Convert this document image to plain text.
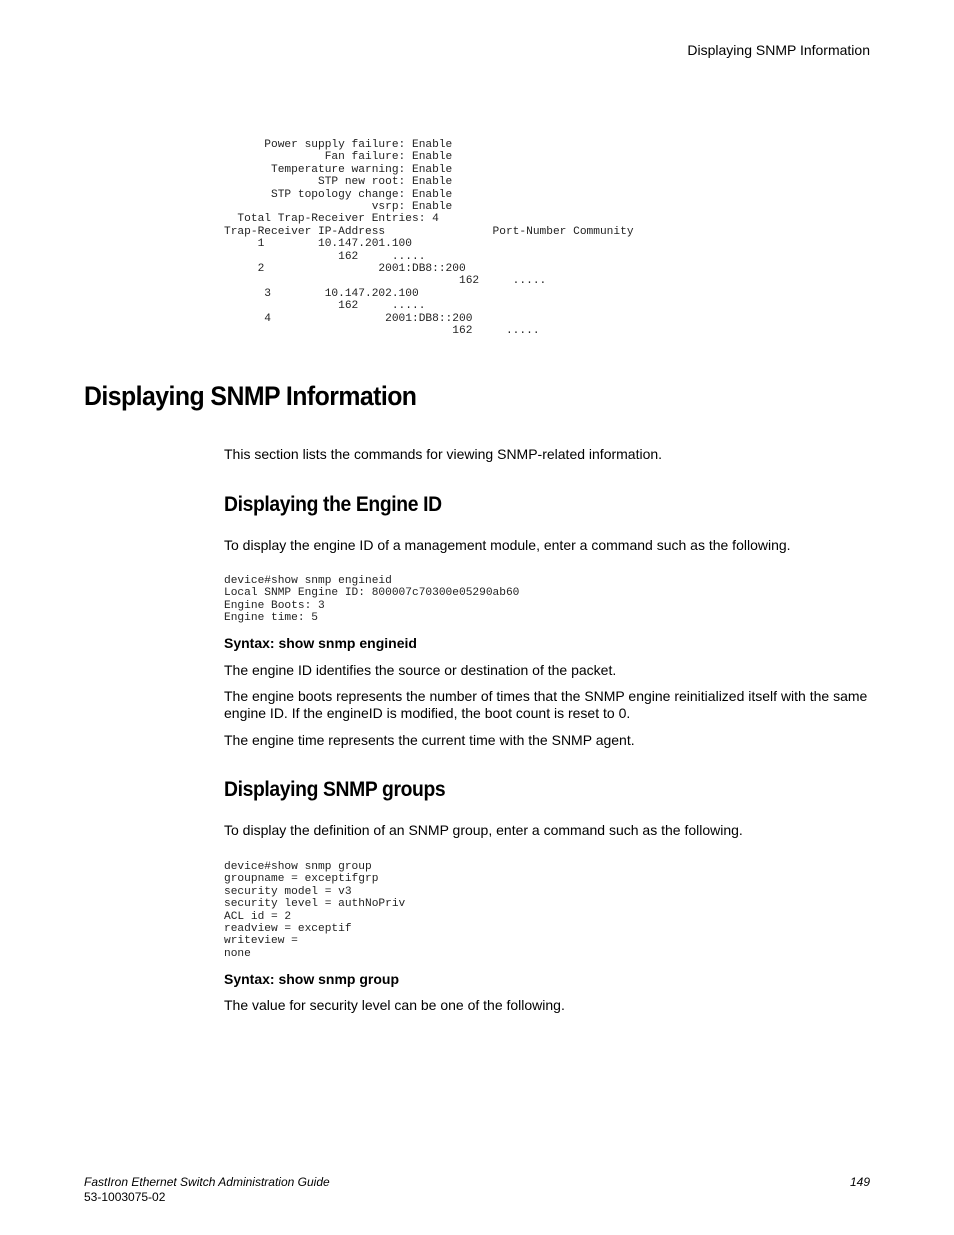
Displaying SNMP Information
Power supply failure: Enable
Fan failure: Enable
Temperature warning: Enable
STP new root: Enable
STP topology change: Enable
vsrp: Enable
Total Trap-Receiver Entries: 4
Trap-Receiver IP-Address                Port-Number Community
1        10.147.201.100
162     .....
2                 2001:DB8::200
162     .....
3        10.147.202.100
162     .....
4                 2001:DB8::200
162     .....
Displaying SNMP Information

This section lists the commands for viewing SNMP-related information.

Displaying the Engine ID

To display the engine ID of a management module, enter a command such as the following.

device#show snmp engineid
Local SNMP Engine ID: 800007c70300e05290ab60
Engine Boots: 3
Engine time: 5

Syntax: show snmp engineid

The engine ID identifies the source or destination of the packet.

The engine boots represents the number of times that the SNMP engine reinitialized itself with the same engine ID. If the engineID is modified, the boot count is reset to 0.

The engine time represents the current time with the SNMP agent.

Displaying SNMP groups

To display the definition of an SNMP group, enter a command such as the following.

device#show snmp group
groupname = exceptifgrp
security model = v3
security level = authNoPriv
ACL id = 2
readview = exceptif
writeview =
none

Syntax: show snmp group

The value for security level can be one of the following.

FastIron Ethernet Switch Administration Guide
53-1003075-02
149
